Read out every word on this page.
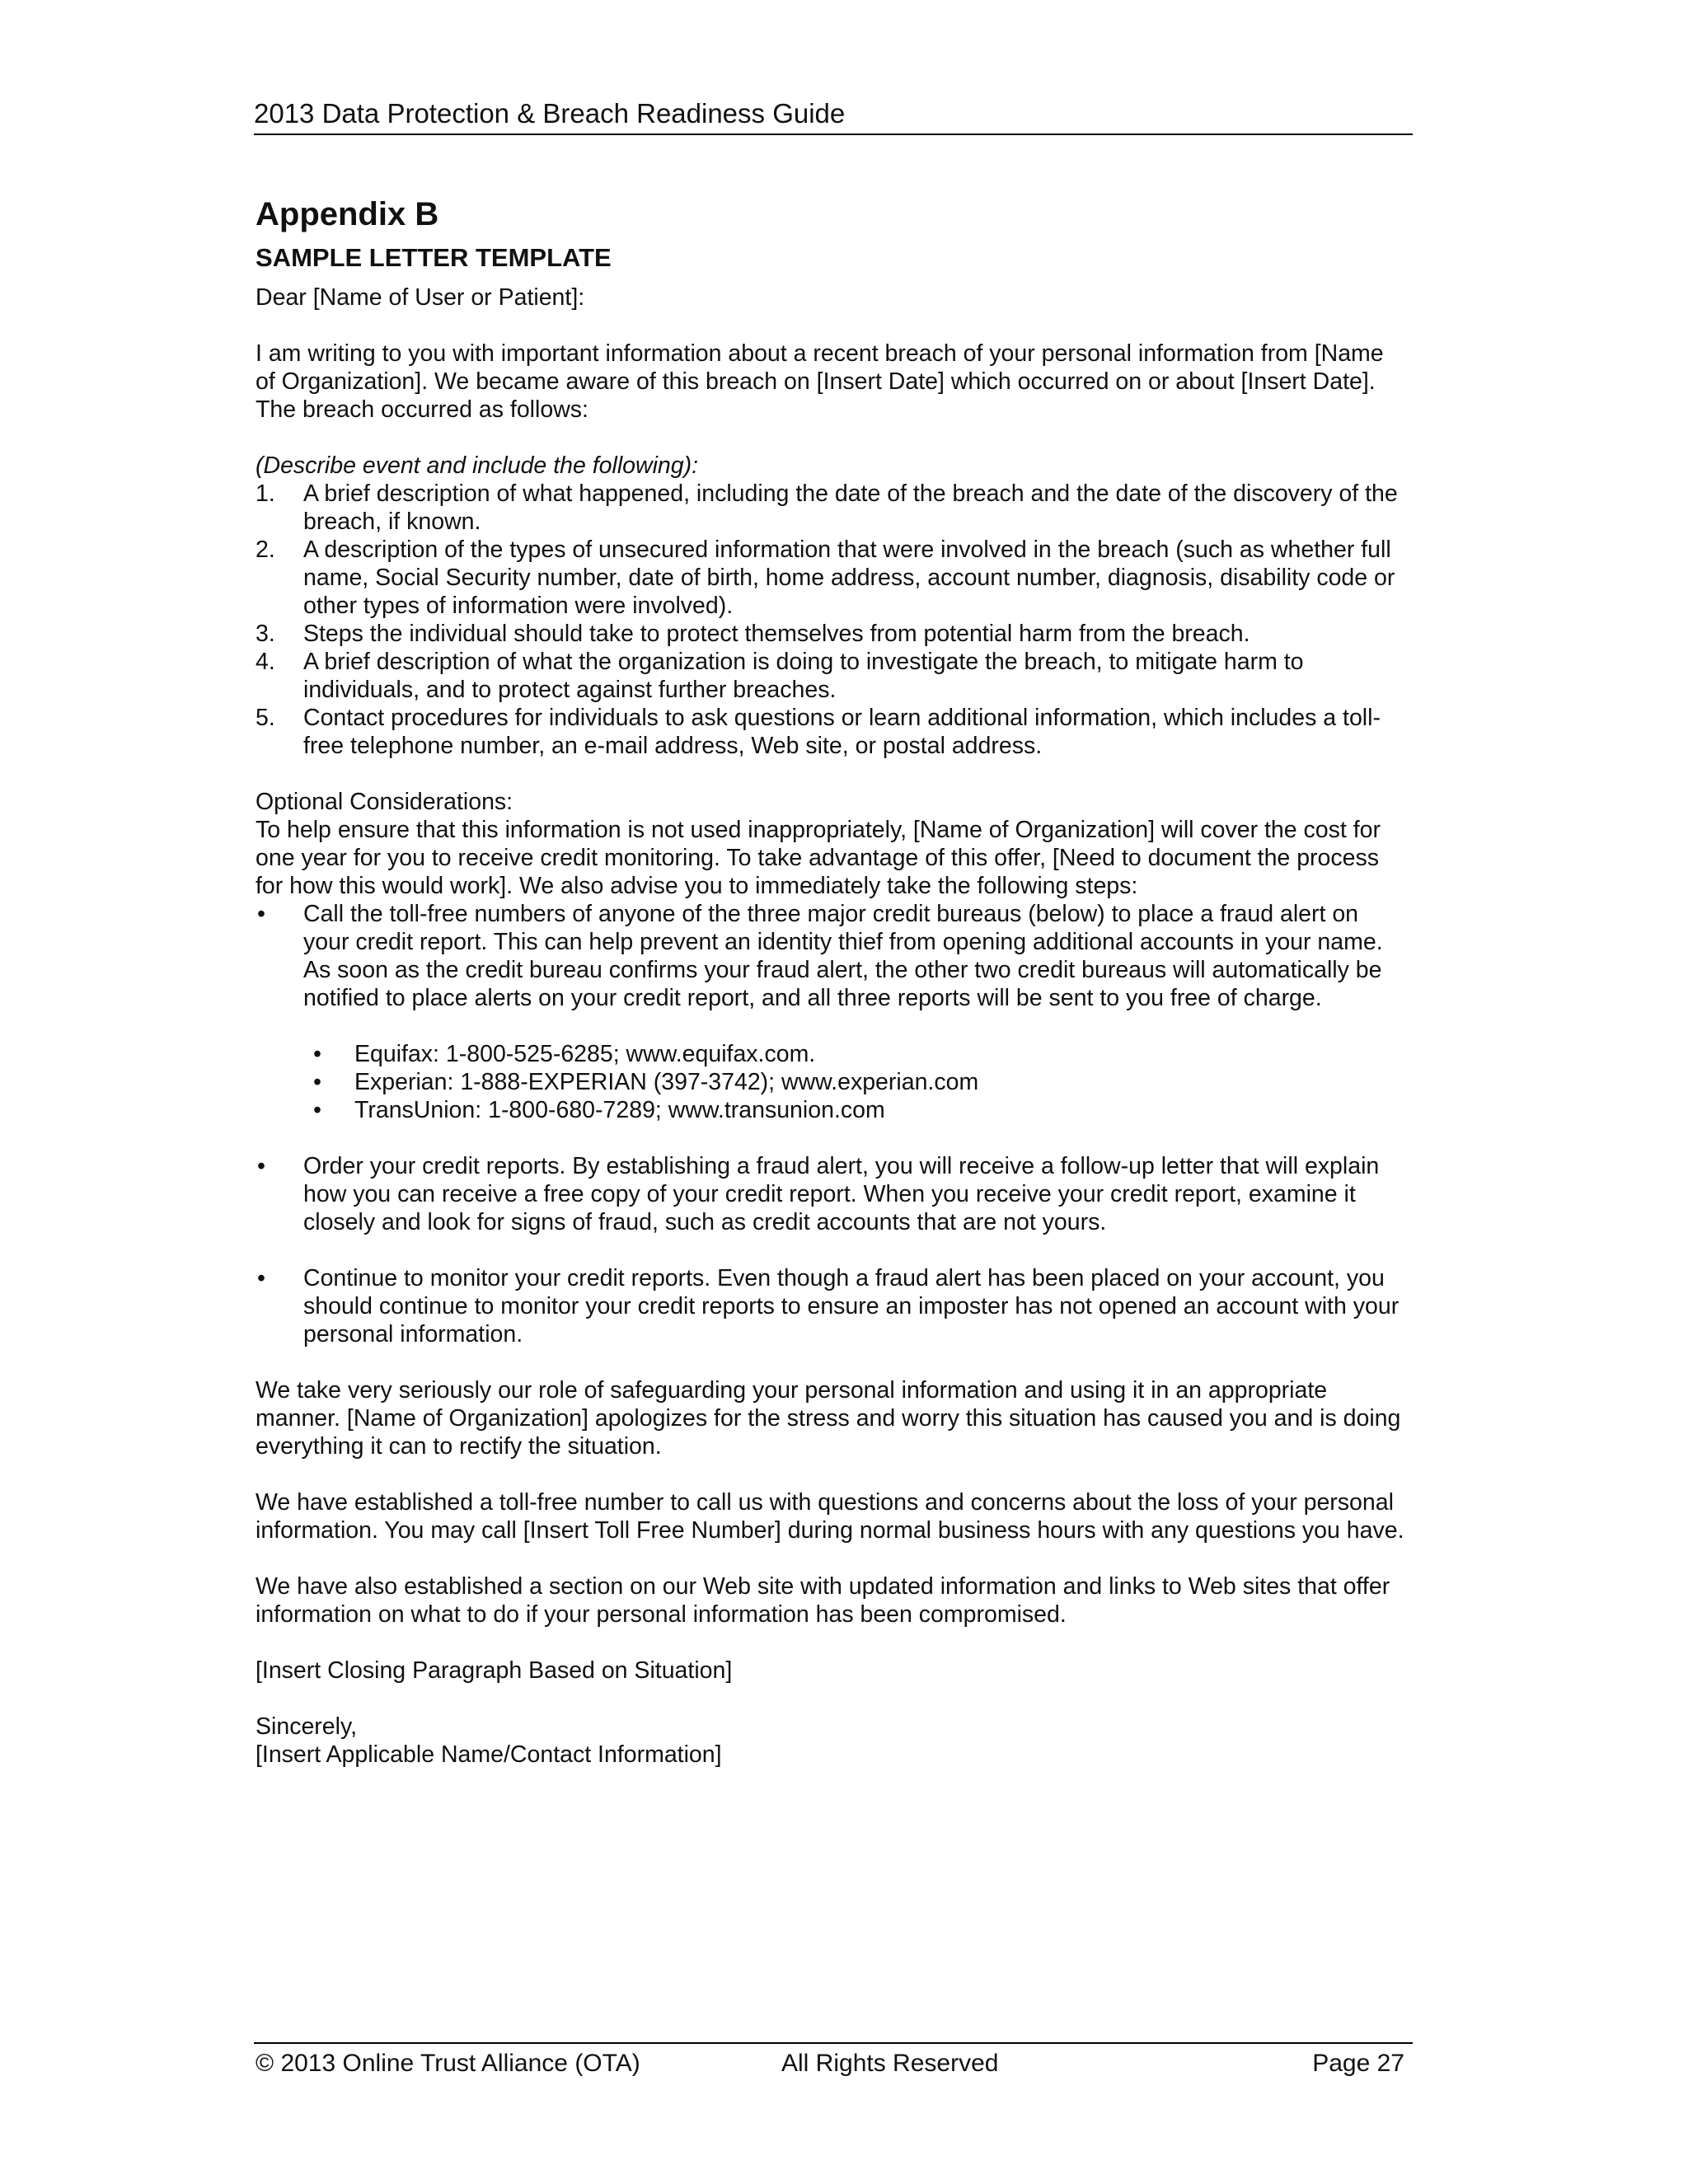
2013 Data Protection & Breach Readiness Guide
Appendix B
SAMPLE LETTER TEMPLATE

Dear [Name of User or Patient]:

I am writing to you with important information about a recent breach of your personal information from [Name of Organization]. We became aware of this breach on [Insert Date] which occurred on or about [Insert Date]. The breach occurred as follows:

(Describe event and include the following):

1. A brief description of what happened, including the date of the breach and the date of the discovery of the breach, if known.
2. A description of the types of unsecured information that were involved in the breach (such as whether full name, Social Security number, date of birth, home address, account number, diagnosis, disability code or other types of information were involved).
3. Steps the individual should take to protect themselves from potential harm from the breach.
4. A brief description of what the organization is doing to investigate the breach, to mitigate harm to individuals, and to protect against further breaches.
5. Contact procedures for individuals to ask questions or learn additional information, which includes a toll-free telephone number, an e-mail address, Web site, or postal address.

Optional Considerations:

To help ensure that this information is not used inappropriately, [Name of Organization] will cover the cost for one year for you to receive credit monitoring. To take advantage of this offer, [Need to document the process for how this would work]. We also advise you to immediately take the following steps:

• Call the toll-free numbers of anyone of the three major credit bureaus (below) to place a fraud alert on your credit report. This can help prevent an identity thief from opening additional accounts in your name. As soon as the credit bureau confirms your fraud alert, the other two credit bureaus will automatically be notified to place alerts on your credit report, and all three reports will be sent to you free of charge.
• Equifax: 1-800-525-6285; www.equifax.com.
• Experian: 1-888-EXPERIAN (397-3742); www.experian.com
• TransUnion: 1-800-680-7289; www.transunion.com
• Order your credit reports. By establishing a fraud alert, you will receive a follow-up letter that will explain how you can receive a free copy of your credit report. When you receive your credit report, examine it closely and look for signs of fraud, such as credit accounts that are not yours.
• Continue to monitor your credit reports. Even though a fraud alert has been placed on your account, you should continue to monitor your credit reports to ensure an imposter has not opened an account with your personal information.

We take very seriously our role of safeguarding your personal information and using it in an appropriate manner. [Name of Organization] apologizes for the stress and worry this situation has caused you and is doing everything it can to rectify the situation.

We have established a toll-free number to call us with questions and concerns about the loss of your personal information. You may call [Insert Toll Free Number] during normal business hours with any questions you have.

We have also established a section on our Web site with updated information and links to Web sites that offer information on what to do if your personal information has been compromised.

[Insert Closing Paragraph Based on Situation]

Sincerely,

[Insert Applicable Name/Contact Information]

© 2013 Online Trust Alliance (OTA)	All Rights Reserved	Page 27
